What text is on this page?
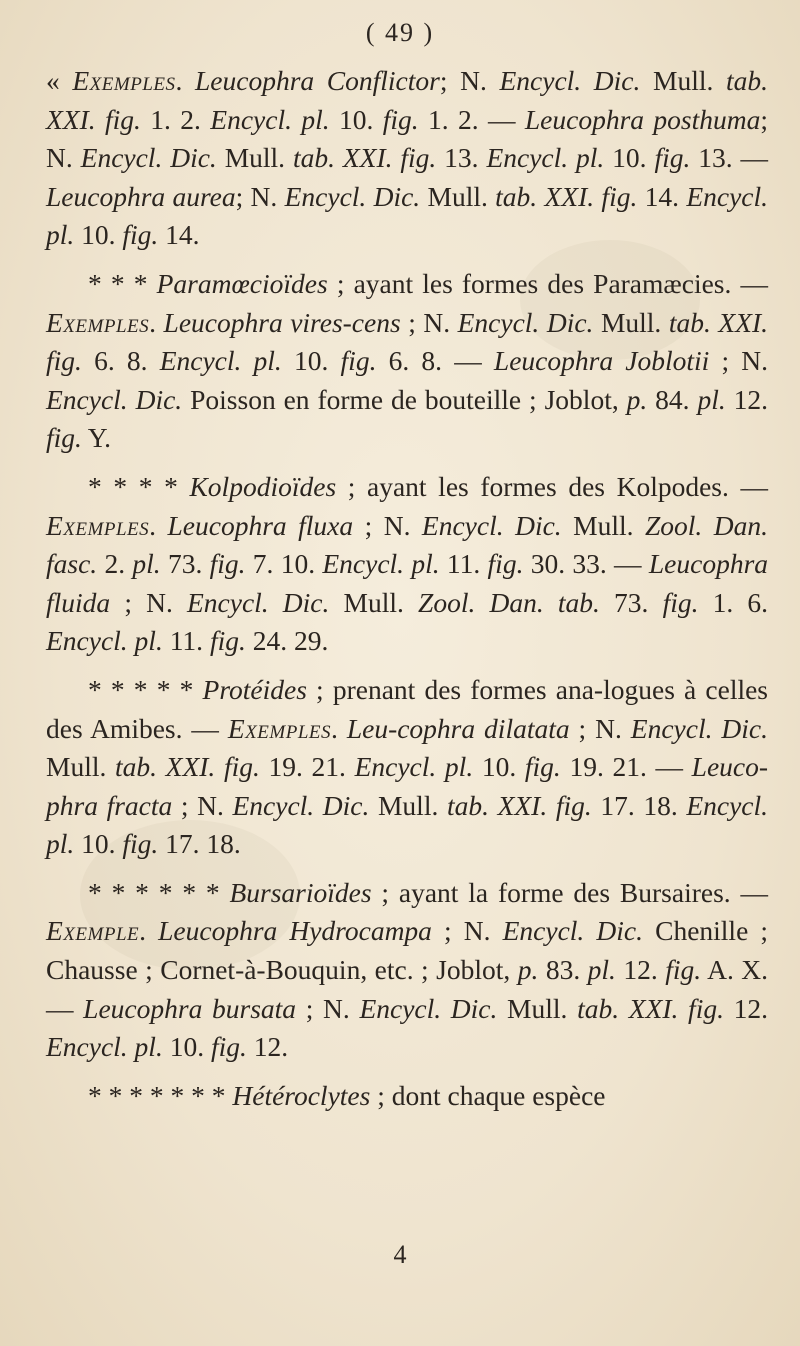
( 49 )

« Exemples. Leucophra Conflictor; N. Encycl. Dic. Mull. tab. XXI. fig. 1. 2. Encycl. pl. 10. fig. 1. 2. — Leucophra posthuma; N. Encycl. Dic. Mull. tab. XXI. fig. 13. Encycl. pl. 10. fig. 13. — Leucophra aurea; N. Encycl. Dic. Mull. tab. XXI. fig. 14. Encycl. pl. 10. fig. 14.

* * * Paramœcioïdes ; ayant les formes des Paramæcies. — Exemples. Leucophra vires-cens ; N. Encycl. Dic. Mull. tab. XXI. fig. 6. 8. Encycl. pl. 10. fig. 6. 8. — Leucophra Joblotii ; N. Encycl. Dic. Poisson en forme de bouteille ; Joblot, p. 84. pl. 12. fig. Y.

* * * * Kolpodioïdes ; ayant les formes des Kolpodes. — Exemples. Leucophra fluxa ; N. Encycl. Dic. Mull. Zool. Dan. fasc. 2. pl. 73. fig. 7. 10. Encycl. pl. 11. fig. 30. 33. — Leucophra fluida ; N. Encycl. Dic. Mull. Zool. Dan. tab. 73. fig. 1. 6. Encycl. pl. 11. fig. 24. 29.

* * * * * Protéides ; prenant des formes ana-logues à celles des Amibes. — Exemples. Leu-cophra dilatata ; N. Encycl. Dic. Mull. tab. XXI. fig. 19. 21. Encycl. pl. 10. fig. 19. 21. — Leuco-phra fracta ; N. Encycl. Dic. Mull. tab. XXI. fig. 17. 18. Encycl. pl. 10. fig. 17. 18.

* * * * * * Bursarioïdes ; ayant la forme des Bursaires. — Exemple. Leucophra Hydrocampa ; N. Encycl. Dic. Chenille ; Chausse ; Cornet-à-Bouquin, etc. ; Joblot, p. 83. pl. 12. fig. A. X. — Leucophra bursata ; N. Encycl. Dic. Mull. tab. XXI. fig. 12. Encycl. pl. 10. fig. 12.

* * * * * * * Hétéroclytes ; dont chaque espèce

4
